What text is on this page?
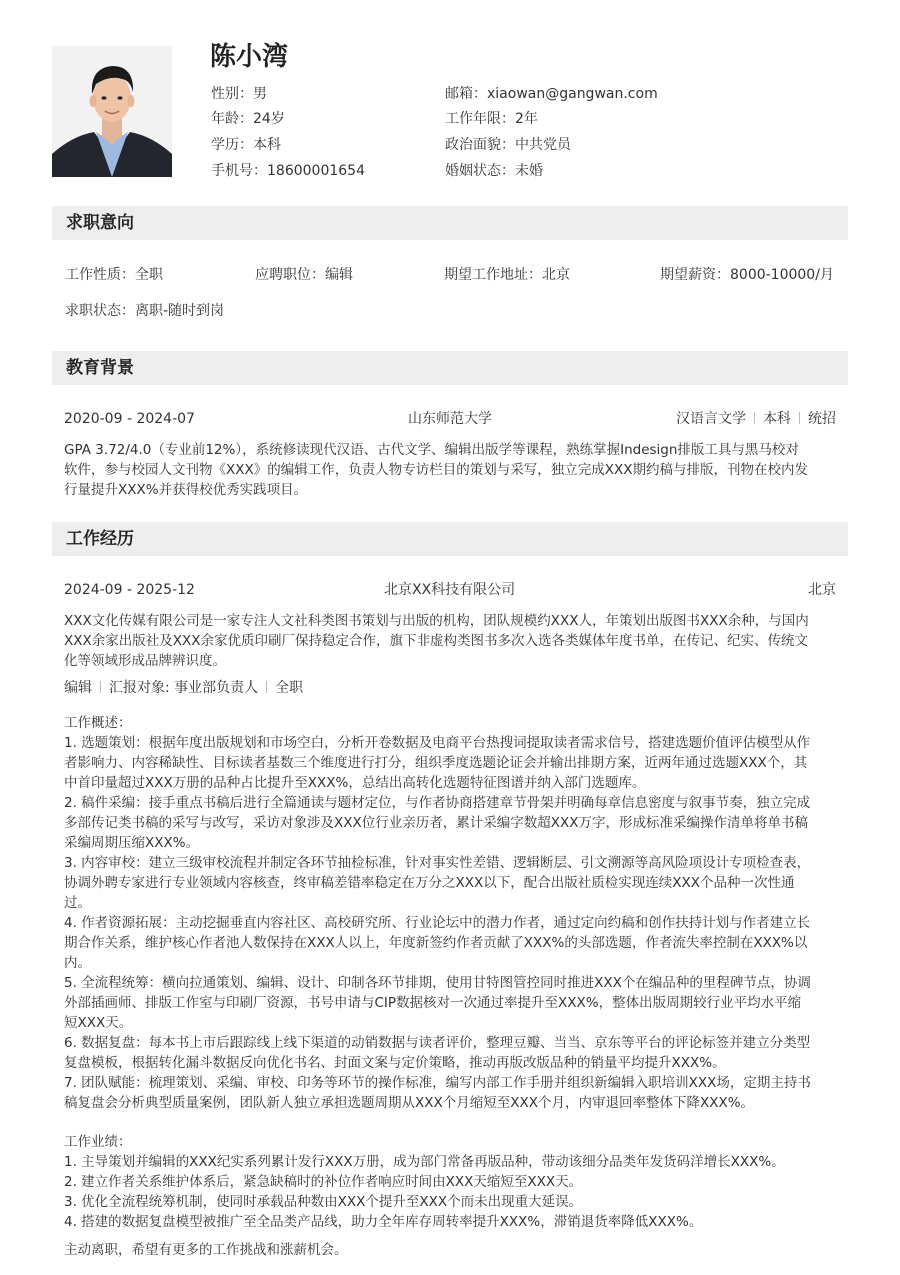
陈小湾
性别：男	邮箱：xiaowan@gangwan.com
年龄：24岁	工作年限：2年
学历：本科	政治面貌：中共党员
手机号：18600001654	婚姻状态：未婚
求职意向
工作性质：全职	应聘职位：编辑	期望工作地址：北京	期望薪资：8000-10000/月
求职状态：离职-随时到岗
教育背景
2020-09 - 2024-07	山东师范大学	汉语言文学 本科 统招
GPA 3.72/4.0（专业前12%），系统修读现代汉语、古代文学、编辑出版学等课程，熟练掌握Indesign排版工具与黑马校对
软件，参与校园人文刊物《XXX》的编辑工作，负责人物专访栏目的策划与采写，独立完成XXX期约稿与排版，刊物在校内发
行量提升XXX%并获得校优秀实践项目。
工作经历
2024-09 - 2025-12	北京XX科技有限公司	北京
XXX文化传媒有限公司是一家专注人文社科类图书策划与出版的机构，团队规模约XXX人，年策划出版图书XXX余种，与国内
XXX余家出版社及XXX余家优质印刷厂保持稳定合作，旗下非虚构类图书多次入选各类媒体年度书单，在传记、纪实、传统文
化等领域形成品牌辨识度。
编辑 汇报对象: 事业部负责人 全职
工作概述：
1. 选题策划：根据年度出版规划和市场空白，分析开卷数据及电商平台热搜词提取读者需求信号，搭建选题价值评估模型从作
者影响力、内容稀缺性、目标读者基数三个维度进行打分，组织季度选题论证会并输出排期方案，近两年通过选题XXX个，其
中首印量超过XXX万册的品种占比提升至XXX%，总结出高转化选题特征图谱并纳入部门选题库。
2. 稿件采编：接手重点书稿后进行全篇通读与题材定位，与作者协商搭建章节骨架并明确每章信息密度与叙事节奏，独立完成
多部传记类书稿的采写与改写，采访对象涉及XXX位行业亲历者，累计采编字数超XXX万字，形成标准采编操作清单将单书稿
采编周期压缩XXX%。
3. 内容审校：建立三级审校流程并制定各环节抽检标准，针对事实性差错、逻辑断层、引文溯源等高风险项设计专项检查表，
协调外聘专家进行专业领域内容核查，终审稿差错率稳定在万分之XXX以下，配合出版社质检实现连续XXX个品种一次性通
过。
4. 作者资源拓展：主动挖掘垂直内容社区、高校研究所、行业论坛中的潜力作者，通过定向约稿和创作扶持计划与作者建立长
期合作关系，维护核心作者池人数保持在XXX人以上，年度新签约作者贡献了XXX%的头部选题，作者流失率控制在XXX%以
内。
5. 全流程统筹：横向拉通策划、编辑、设计、印制各环节排期，使用甘特图管控同时推进XXX个在编品种的里程碑节点，协调
外部插画师、排版工作室与印刷厂资源，书号申请与CIP数据核对一次通过率提升至XXX%，整体出版周期较行业平均水平缩
短XXX天。
6. 数据复盘：每本书上市后跟踪线上线下渠道的动销数据与读者评价，整理豆瓣、当当、京东等平台的评论标签并建立分类型
复盘模板，根据转化漏斗数据反向优化书名、封面文案与定价策略，推动再版改版品种的销量平均提升XXX%。
7. 团队赋能：梳理策划、采编、审校、印务等环节的操作标准，编写内部工作手册并组织新编辑入职培训XXX场，定期主持书
稿复盘会分析典型质量案例，团队新人独立承担选题周期从XXX个月缩短至XXX个月，内审退回率整体下降XXX%。
工作业绩：
1. 主导策划并编辑的XXX纪实系列累计发行XXX万册，成为部门常备再版品种，带动该细分品类年发货码洋增长XXX%。
2. 建立作者关系维护体系后，紧急缺稿时的补位作者响应时间由XXX天缩短至XXX天。
3. 优化全流程统筹机制，使同时承载品种数由XXX个提升至XXX个而未出现重大延误。
4. 搭建的数据复盘模型被推广至全品类产品线，助力全年库存周转率提升XXX%，滞销退货率降低XXX%。
主动离职，希望有更多的工作挑战和涨薪机会。
